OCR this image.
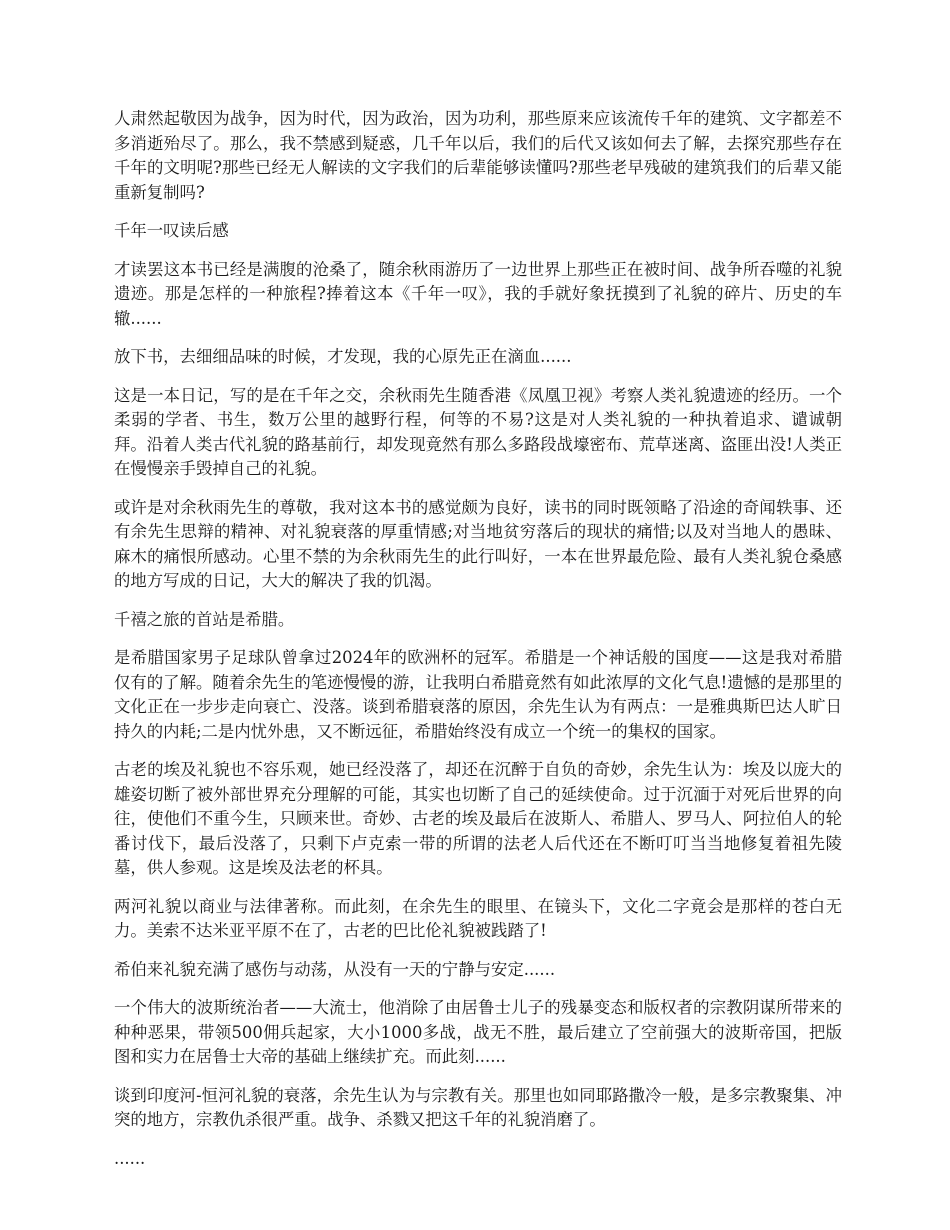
人肃然起敬因为战争，因为时代，因为政治，因为功利，那些原来应该流传千年的建筑、文字都差不多消逝殆尽了。那么，我不禁感到疑惑，几千年以后，我们的后代又该如何去了解，去探究那些存在千年的文明呢?那些已经无人解读的文字我们的后辈能够读懂吗?那些老早残破的建筑我们的后辈又能重新复制吗?

千年一叹读后感

才读罢这本书已经是满腹的沧桑了，随余秋雨游历了一边世界上那些正在被时间、战争所吞噬的礼貌遗迹。那是怎样的一种旅程?捧着这本《千年一叹》，我的手就好象抚摸到了礼貌的碎片、历史的车辙......

放下书，去细细品味的时候，才发现，我的心原先正在滴血......

这是一本日记，写的是在千年之交，余秋雨先生随香港《凤凰卫视》考察人类礼貌遗迹的经历。一个柔弱的学者、书生，数万公里的越野行程，何等的不易?这是对人类礼貌的一种执着追求、谴诚朝拜。沿着人类古代礼貌的路基前行，却发现竟然有那么多路段战壕密布、荒草迷离、盗匪出没!人类正在慢慢亲手毁掉自己的礼貌。

或许是对余秋雨先生的尊敬，我对这本书的感觉颇为良好，读书的同时既领略了沿途的奇闻轶事、还有余先生思辩的精神、对礼貌衰落的厚重情感;对当地贫穷落后的现状的痛惜;以及对当地人的愚昧、麻木的痛恨所感动。心里不禁的为余秋雨先生的此行叫好，一本在世界最危险、最有人类礼貌仓桑感的地方写成的日记，大大的解决了我的饥渴。

千禧之旅的首站是希腊。

是希腊国家男子足球队曾拿过2024年的欧洲杯的冠军。希腊是一个神话般的国度——这是我对希腊仅有的了解。随着余先生的笔迹慢慢的游，让我明白希腊竟然有如此浓厚的文化气息!遗憾的是那里的文化正在一步步走向衰亡、没落。谈到希腊衰落的原因，余先生认为有两点：一是雅典斯巴达人旷日持久的内耗;二是内忧外患，又不断远征，希腊始终没有成立一个统一的集权的国家。

古老的埃及礼貌也不容乐观，她已经没落了，却还在沉醉于自负的奇妙，余先生认为：埃及以庞大的雄姿切断了被外部世界充分理解的可能，其实也切断了自己的延续使命。过于沉湎于对死后世界的向往，使他们不重今生，只顾来世。奇妙、古老的埃及最后在波斯人、希腊人、罗马人、阿拉伯人的轮番讨伐下，最后没落了，只剩下卢克索一带的所谓的法老人后代还在不断叮叮当当地修复着祖先陵墓，供人参观。这是埃及法老的杯具。

两河礼貌以商业与法律著称。而此刻，在余先生的眼里、在镜头下，文化二字竟会是那样的苍白无力。美索不达米亚平原不在了，古老的巴比伦礼貌被践踏了!

希伯来礼貌充满了感伤与动荡，从没有一天的宁静与安定......

一个伟大的波斯统治者——大流士，他消除了由居鲁士儿子的残暴变态和版权者的宗教阴谋所带来的种种恶果，带领500佣兵起家，大小1000多战，战无不胜，最后建立了空前强大的波斯帝国，把版图和实力在居鲁士大帝的基础上继续扩充。而此刻......

谈到印度河-恒河礼貌的衰落，余先生认为与宗教有关。那里也如同耶路撒冷一般，是多宗教聚集、冲突的地方，宗教仇杀很严重。战争、杀戮又把这千年的礼貌消磨了。

......
